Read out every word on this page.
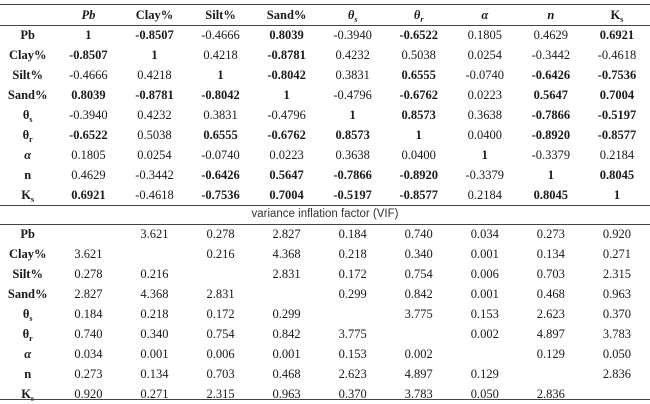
	Pb	Clay%	Silt%	Sand%	$\theta_s$	$\theta_r$	α	n	$K_s$
Pb	1	-0.8507	-0.4666	0.8039	-0.3940	-0.6522	0.1805	0.4629	0.6921
Clay%	-0.8507	1	0.4218	-0.8781	0.4232	0.5038	0.0254	-0.3442	-0.4618
Silt%	-0.4666	0.4218	1	-0.8042	0.3831	0.6555	-0.0740	-0.6426	-0.7536
Sand%	0.8039	-0.8781	-0.8042	1	-0.4796	-0.6762	0.0223	0.5647	0.7004
$\theta_s$	-0.3940	0.4232	0.3831	-0.4796	1	0.8573	0.3638	-0.7866	-0.5197
$\theta_r$	-0.6522	0.5038	0.6555	-0.6762	0.8573	1	0.0400	-0.8920	-0.8577
α	0.1805	0.0254	-0.0740	0.0223	0.3638	0.0400	1	-0.3379	0.2184
n	0.4629	-0.3442	-0.6426	0.5647	-0.7866	-0.8920	-0.3379	1	0.8045
$K_s$	0.6921	-0.4618	-0.7536	0.7004	-0.5197	-0.8577	0.2184	0.8045	1
variance inflation factor (VIF)
Pb		3.621	0.278	2.827	0.184	0.740	0.034	0.273	0.920
Clay%	3.621		0.216	4.368	0.218	0.340	0.001	0.134	0.271
Silt%	0.278	0.216		2.831	0.172	0.754	0.006	0.703	2.315
Sand%	2.827	4.368	2.831		0.299	0.842	0.001	0.468	0.963
$\theta_s$	0.184	0.218	0.172	0.299		3.775	0.153	2.623	0.370
$\theta_r$	0.740	0.340	0.754	0.842	3.775		0.002	4.897	3.783
α	0.034	0.001	0.006	0.001	0.153	0.002		0.129	0.050
n	0.273	0.134	0.703	0.468	2.623	4.897	0.129		2.836
$K_s$	0.920	0.271	2.315	0.963	0.370	3.783	0.050	2.836	
